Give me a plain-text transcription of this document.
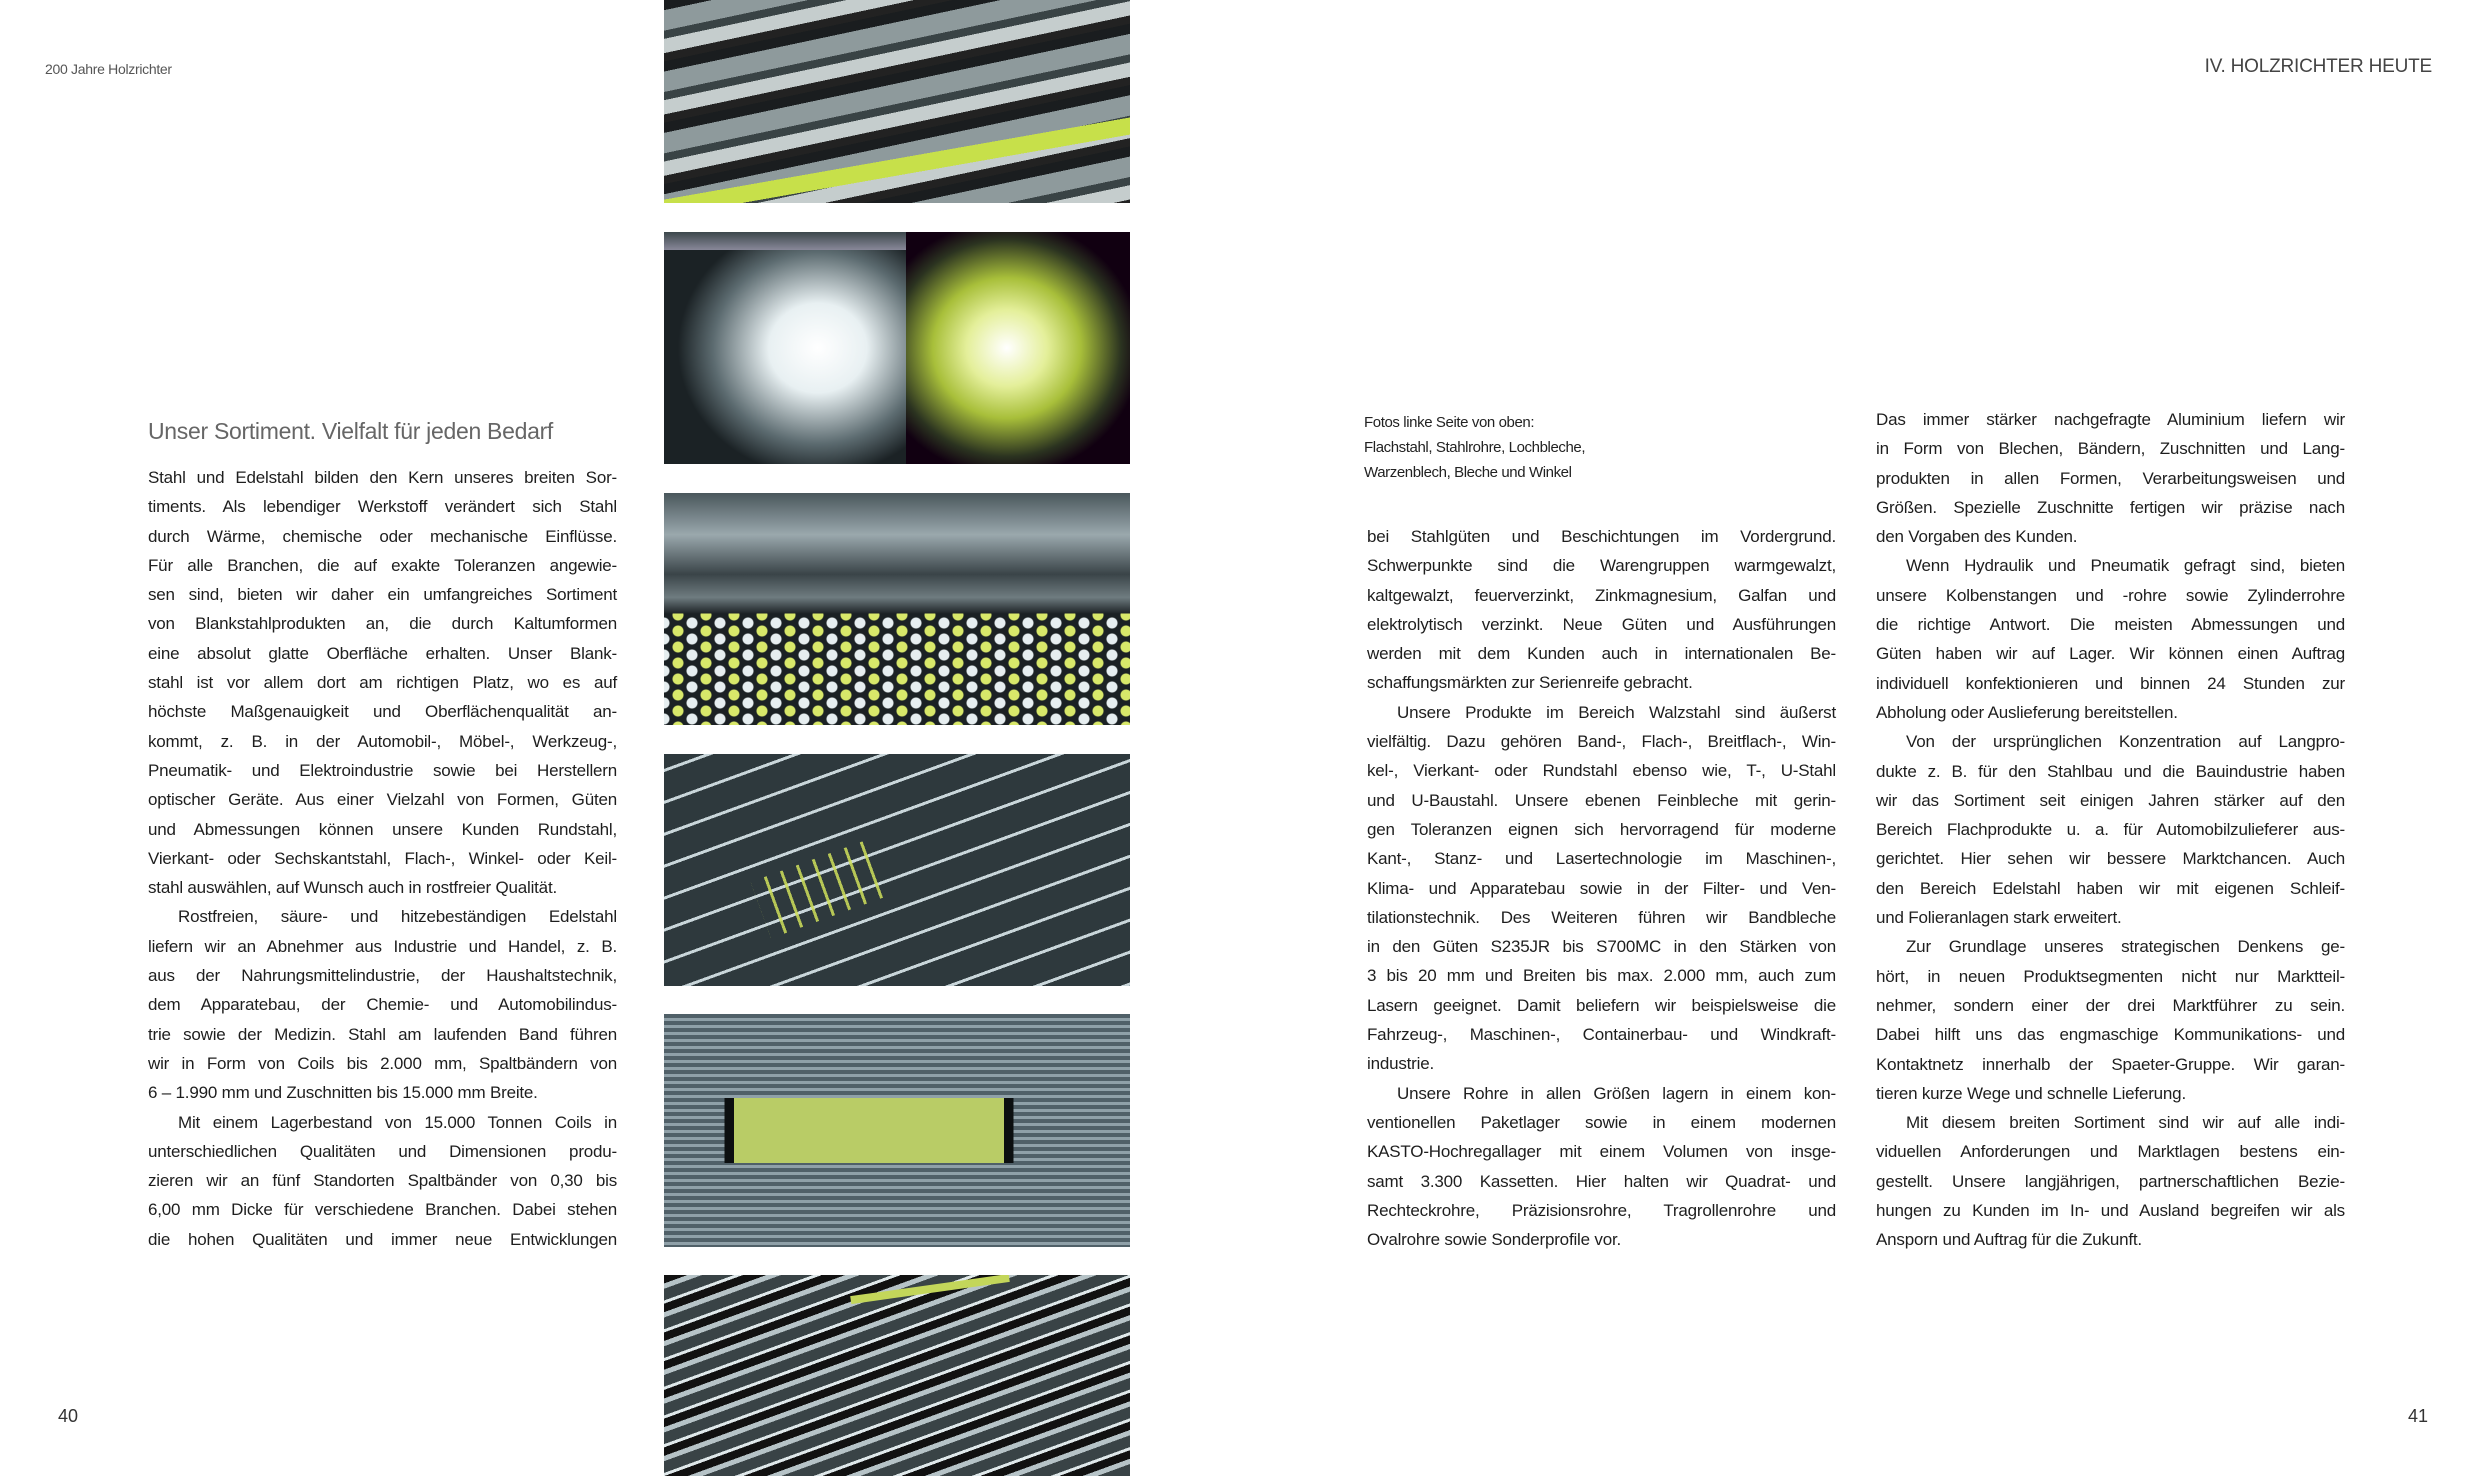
200 Jahre Holzrichter	IV. HOLZRICHTER HEUTE
Unser Sortiment. Vielfalt für jeden Bedarf	Fotos linke Seite von oben:
Flachstahl, Stahlrohre, Lochbleche,
Warzenblech, Bleche und Winkel
Stahl und Edelstahl bilden den Kern unseres breiten Sor-
timents. Als lebendiger Werkstoff verändert sich Stahl
durch Wärme, chemische oder mechanische Einflüsse.
Für alle Branchen, die auf exakte Toleranzen angewie-
sen sind, bieten wir daher ein umfangreiches Sortiment
von Blankstahlprodukten an, die durch Kaltumformen
eine absolut glatte Oberfläche erhalten. Unser Blank-
stahl ist vor allem dort am richtigen Platz, wo es auf
höchste Maßgenauigkeit und Oberflächenqualität an-
kommt, z. B. in der Automobil-, Möbel-, Werkzeug-,
Pneumatik- und Elektroindustrie sowie bei Herstellern
optischer Geräte. Aus einer Vielzahl von Formen, Güten
und Abmessungen können unsere Kunden Rundstahl,
Vierkant- oder Sechskantstahl, Flach-, Winkel- oder Keil-
stahl auswählen, auf Wunsch auch in rostfreier Qualität.
Rostfreien, säure- und hitzebeständigen Edelstahl
liefern wir an Abnehmer aus Industrie und Handel, z. B.
aus der Nahrungsmittelindustrie, der Haushaltstechnik,
dem Apparatebau, der Chemie- und Automobilindus-
trie sowie der Medizin. Stahl am laufenden Band führen
wir in Form von Coils bis 2.000 mm, Spaltbändern von
6 – 1.990 mm und Zuschnitten bis 15.000 mm Breite.
Mit einem Lagerbestand von 15.000 Tonnen Coils in
unterschiedlichen Qualitäten und Dimensionen produ-
zieren wir an fünf Standorten Spaltbänder von 0,30 bis
6,00 mm Dicke für verschiedene Branchen. Dabei stehen
die hohen Qualitäten und immer neue Entwicklungen
bei Stahlgüten und Beschichtungen im Vordergrund.
Schwerpunkte sind die Warengruppen warmgewalzt,
kaltgewalzt, feuerverzinkt, Zinkmagnesium, Galfan und
elektrolytisch verzinkt. Neue Güten und Ausführungen
werden mit dem Kunden auch in internationalen Be-
schaffungsmärkten zur Serienreife gebracht.
Unsere Produkte im Bereich Walzstahl sind äußerst
vielfältig. Dazu gehören Band-, Flach-, Breitflach-, Win-
kel-, Vierkant- oder Rundstahl ebenso wie, T-, U-Stahl
und U-Baustahl. Unsere ebenen Feinbleche mit gerin-
gen Toleranzen eignen sich hervorragend für moderne
Kant-, Stanz- und Lasertechnologie im Maschinen-,
Klima- und Apparatebau sowie in der Filter- und Ven-
tilationstechnik. Des Weiteren führen wir Bandbleche
in den Güten S235JR bis S700MC in den Stärken von
3 bis 20 mm und Breiten bis max. 2.000 mm, auch zum
Lasern geeignet. Damit beliefern wir beispielsweise die
Fahrzeug-, Maschinen-, Containerbau- und Windkraft-
industrie.
Unsere Rohre in allen Größen lagern in einem kon-
ventionellen Paketlager sowie in einem modernen
KASTO-Hochregallager mit einem Volumen von insge-
samt 3.300 Kassetten. Hier halten wir Quadrat- und
Rechteckrohre, Präzisionsrohre, Tragrollenrohre und
Ovalrohre sowie Sonderprofile vor.
Das immer stärker nachgefragte Aluminium liefern wir
in Form von Blechen, Bändern, Zuschnitten und Lang-
produkten in allen Formen, Verarbeitungsweisen und
Größen. Spezielle Zuschnitte fertigen wir präzise nach
den Vorgaben des Kunden.
Wenn Hydraulik und Pneumatik gefragt sind, bieten
unsere Kolbenstangen und -rohre sowie Zylinderrohre
die richtige Antwort. Die meisten Abmessungen und
Güten haben wir auf Lager. Wir können einen Auftrag
individuell konfektionieren und binnen 24 Stunden zur
Abholung oder Auslieferung bereitstellen.
Von der ursprünglichen Konzentration auf Langpro-
dukte z. B. für den Stahlbau und die Bauindustrie haben
wir das Sortiment seit einigen Jahren stärker auf den
Bereich Flachprodukte u. a. für Automobilzulieferer aus-
gerichtet. Hier sehen wir bessere Marktchancen. Auch
den Bereich Edelstahl haben wir mit eigenen Schleif-
und Folieranlagen stark erweitert.
Zur Grundlage unseres strategischen Denkens ge-
hört, in neuen Produktsegmenten nicht nur Marktteil-
nehmer, sondern einer der drei Marktführer zu sein.
Dabei hilft uns das engmaschige Kommunikations- und
Kontaktnetz innerhalb der Spaeter-Gruppe. Wir garan-
tieren kurze Wege und schnelle Lieferung.
Mit diesem breiten Sortiment sind wir auf alle indi-
viduellen Anforderungen und Marktlagen bestens ein-
gestellt. Unsere langjährigen, partnerschaftlichen Bezie-
hungen zu Kunden im In- und Ausland begreifen wir als
Ansporn und Auftrag für die Zukunft.
40	41
